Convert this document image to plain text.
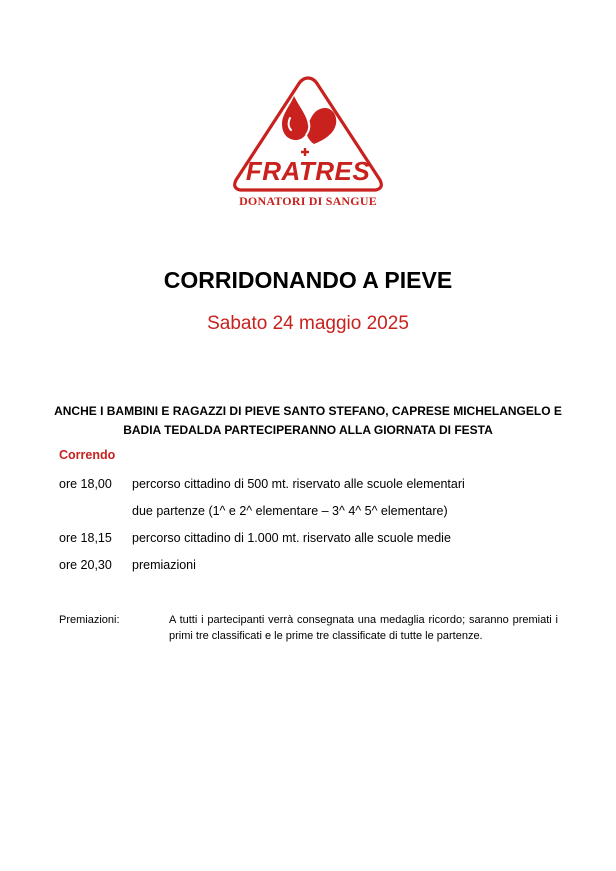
FRATRES
DONATORI DI SANGUE
CORRIDONANDO A PIEVE
Sabato 24 maggio 2025
ANCHE I BAMBINI E RAGAZZI DI PIEVE SANTO STEFANO, CAPRESE MICHELANGELO E BADIA TEDALDA PARTECIPERANNO ALLA GIORNATA DI FESTA
Correndo
ore 18,00	percorso cittadino di 500 mt. riservato alle scuole elementari
due partenze (1^ e 2^ elementare – 3^ 4^ 5^ elementare)
ore 18,15	percorso cittadino di 1.000 mt. riservato alle scuole medie
ore 20,30	premiazioni
Premiazioni:	A tutti i partecipanti verrà consegnata una medaglia ricordo; saranno premiati i primi tre classificati e le prime tre classificate di tutte le partenze.
